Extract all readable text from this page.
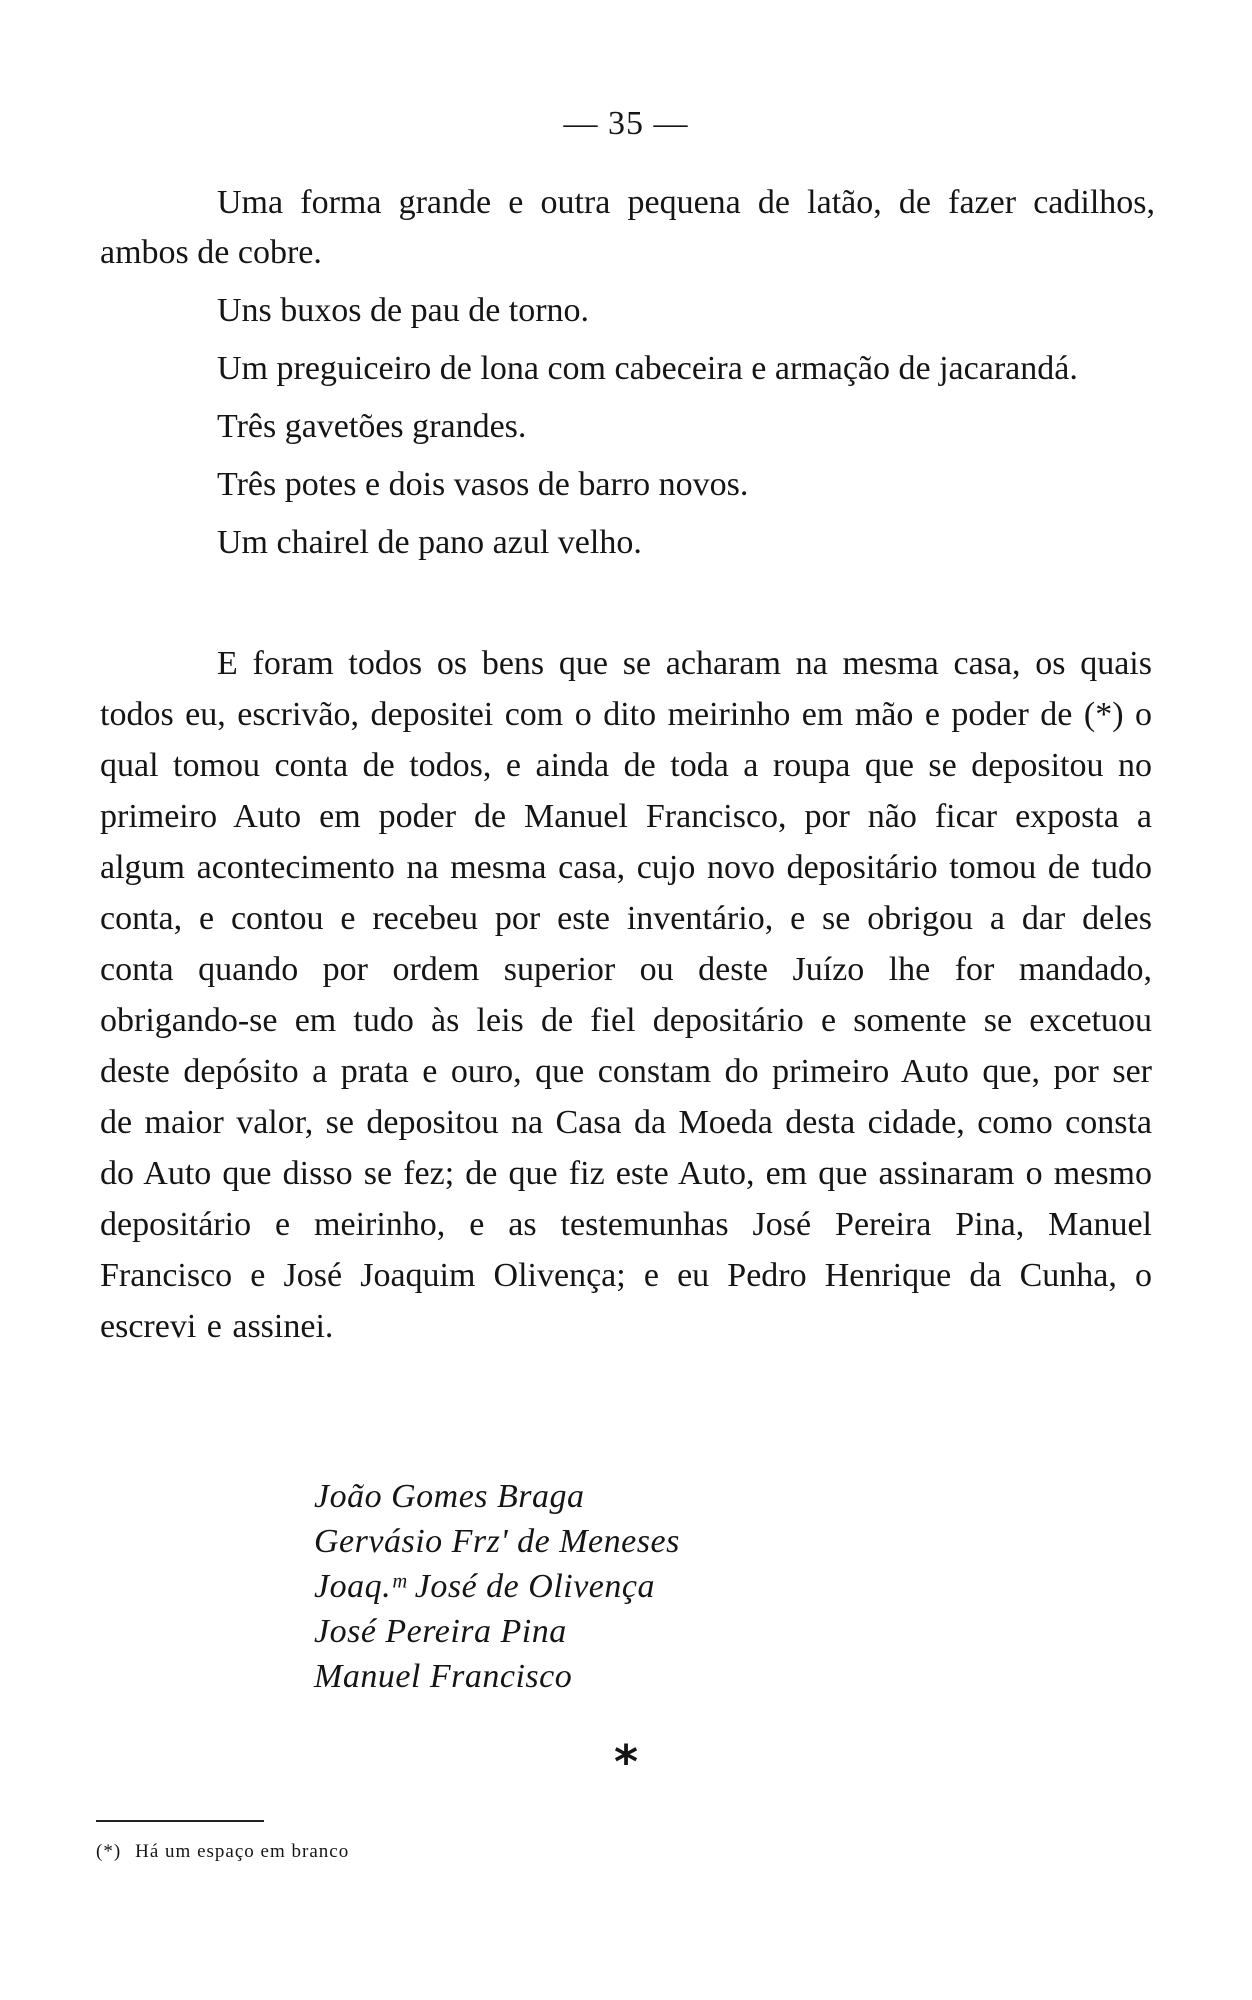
— 35 —

Uma forma grande e outra pequena de latão, de fazer cadilhos, ambos de cobre.

Uns buxos de pau de torno.

Um preguiceiro de lona com cabeceira e armação de jacarandá.

Três gavetões grandes.

Três potes e dois vasos de barro novos.

Um chairel de pano azul velho.

E foram todos os bens que se acharam na mesma casa, os quais todos eu, escrivão, depositei com o dito meirinho em mão e poder de (*) o qual tomou conta de todos, e ainda de toda a roupa que se depositou no primeiro Auto em poder de Manuel Francisco, por não ficar exposta a algum acontecimento na mesma casa, cujo novo depositário tomou de tudo conta, e contou e recebeu por este inventário, e se obrigou a dar deles conta quando por ordem superior ou deste Juízo lhe for mandado, obrigando-se em tudo às leis de fiel depositário e somente se excetuou deste depósito a prata e ouro, que constam do primeiro Auto que, por ser de maior valor, se depositou na Casa da Moeda desta cidade, como consta do Auto que disso se fez; de que fiz este Auto, em que assinaram o mesmo depositário e meirinho, e as testemunhas José Pereira Pina, Manuel Francisco e José Joaquim Olivença; e eu Pedro Henrique da Cunha, o escrevi e assinei.

João Gomes Braga
Gervásio Frz' de Meneses
Joaq.ᵐ José de Olivença
José Pereira Pina
Manuel Francisco
*
(*) Há um espaço em branco
